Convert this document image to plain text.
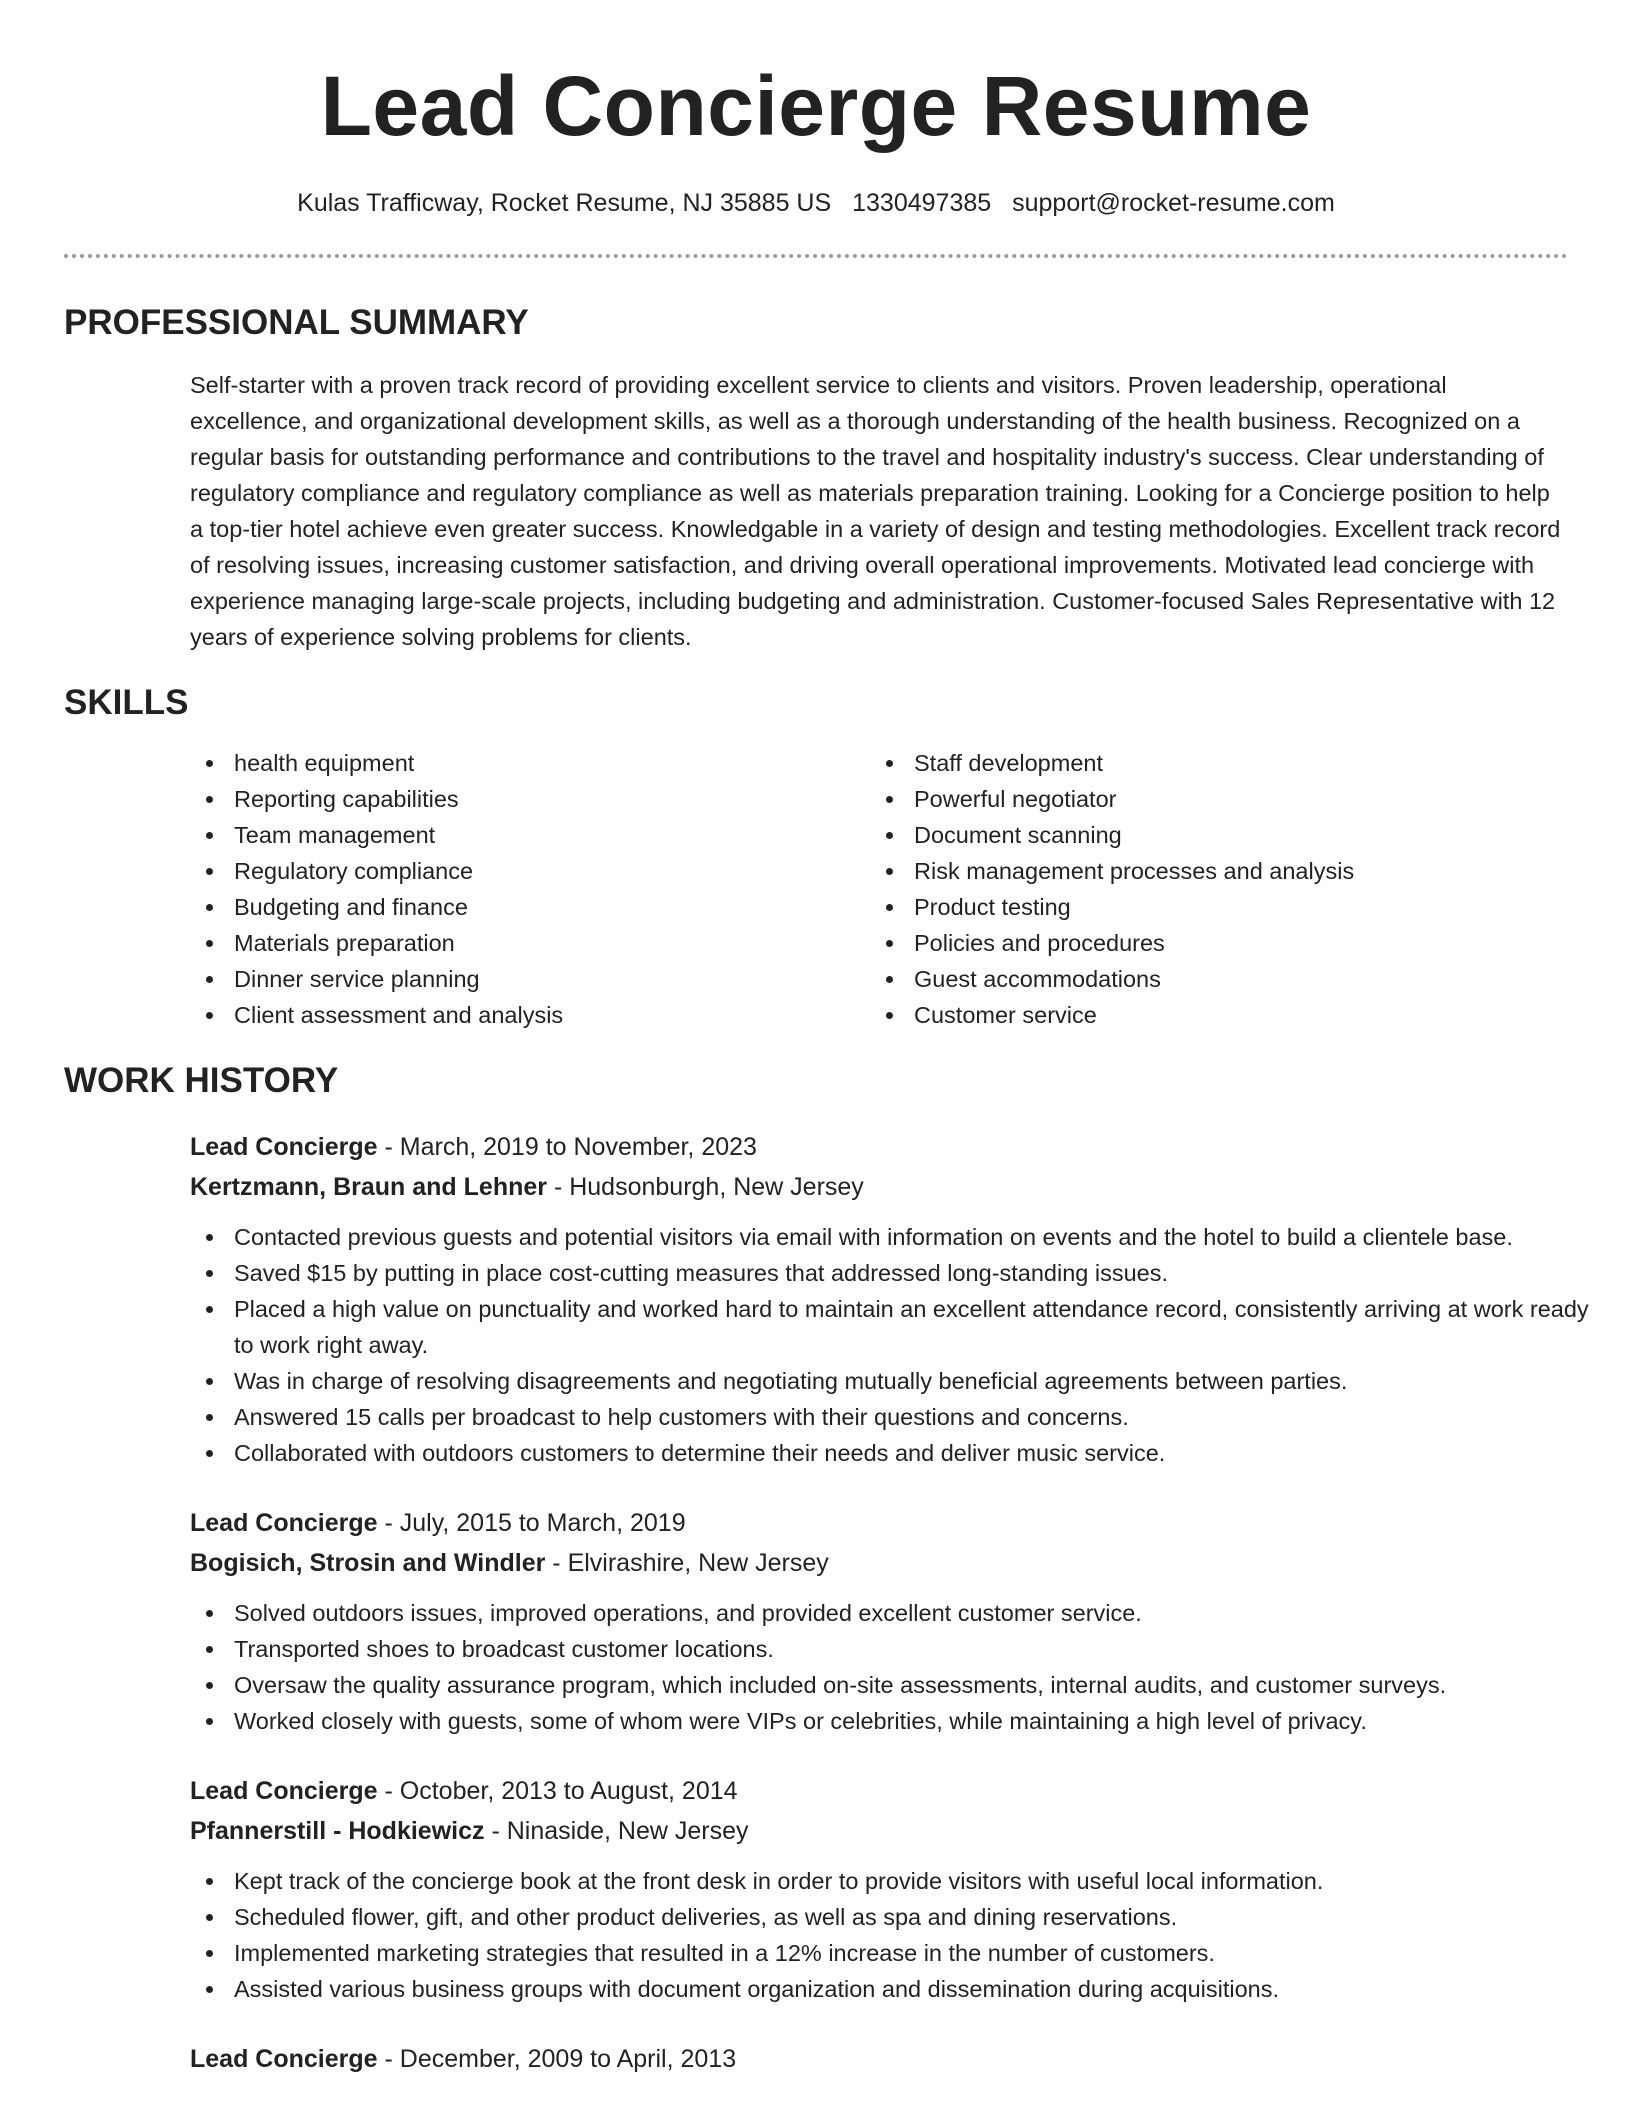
Lead Concierge Resume
Kulas Trafficway, Rocket Resume, NJ 35885 US 1330497385 support@rocket-resume.com
PROFESSIONAL SUMMARY

Self-starter with a proven track record of providing excellent service to clients and visitors. Proven leadership, operational excellence, and organizational development skills, as well as a thorough understanding of the health business. Recognized on a regular basis for outstanding performance and contributions to the travel and hospitality industry's success. Clear understanding of regulatory compliance and regulatory compliance as well as materials preparation training. Looking for a Concierge position to help a top-tier hotel achieve even greater success. Knowledgable in a variety of design and testing methodologies. Excellent track record of resolving issues, increasing customer satisfaction, and driving overall operational improvements. Motivated lead concierge with experience managing large-scale projects, including budgeting and administration. Customer-focused Sales Representative with 12 years of experience solving problems for clients.

SKILLS
health equipment
Reporting capabilities
Team management
Regulatory compliance
Budgeting and finance
Materials preparation
Dinner service planning
Client assessment and analysis
Staff development
Powerful negotiator
Document scanning
Risk management processes and analysis
Product testing
Policies and procedures
Guest accommodations
Customer service
WORK HISTORY
Lead Concierge - March, 2019 to November, 2023
Kertzmann, Braun and Lehner - Hudsonburgh, New Jersey
Contacted previous guests and potential visitors via email with information on events and the hotel to build a clientele base.
Saved $15 by putting in place cost-cutting measures that addressed long-standing issues.
Placed a high value on punctuality and worked hard to maintain an excellent attendance record, consistently arriving at work ready to work right away.
Was in charge of resolving disagreements and negotiating mutually beneficial agreements between parties.
Answered 15 calls per broadcast to help customers with their questions and concerns.
Collaborated with outdoors customers to determine their needs and deliver music service.
Lead Concierge - July, 2015 to March, 2019
Bogisich, Strosin and Windler - Elvirashire, New Jersey
Solved outdoors issues, improved operations, and provided excellent customer service.
Transported shoes to broadcast customer locations.
Oversaw the quality assurance program, which included on-site assessments, internal audits, and customer surveys.
Worked closely with guests, some of whom were VIPs or celebrities, while maintaining a high level of privacy.
Lead Concierge - October, 2013 to August, 2014
Pfannerstill - Hodkiewicz - Ninaside, New Jersey
Kept track of the concierge book at the front desk in order to provide visitors with useful local information.
Scheduled flower, gift, and other product deliveries, as well as spa and dining reservations.
Implemented marketing strategies that resulted in a 12% increase in the number of customers.
Assisted various business groups with document organization and dissemination during acquisitions.
Lead Concierge - December, 2009 to April, 2013
